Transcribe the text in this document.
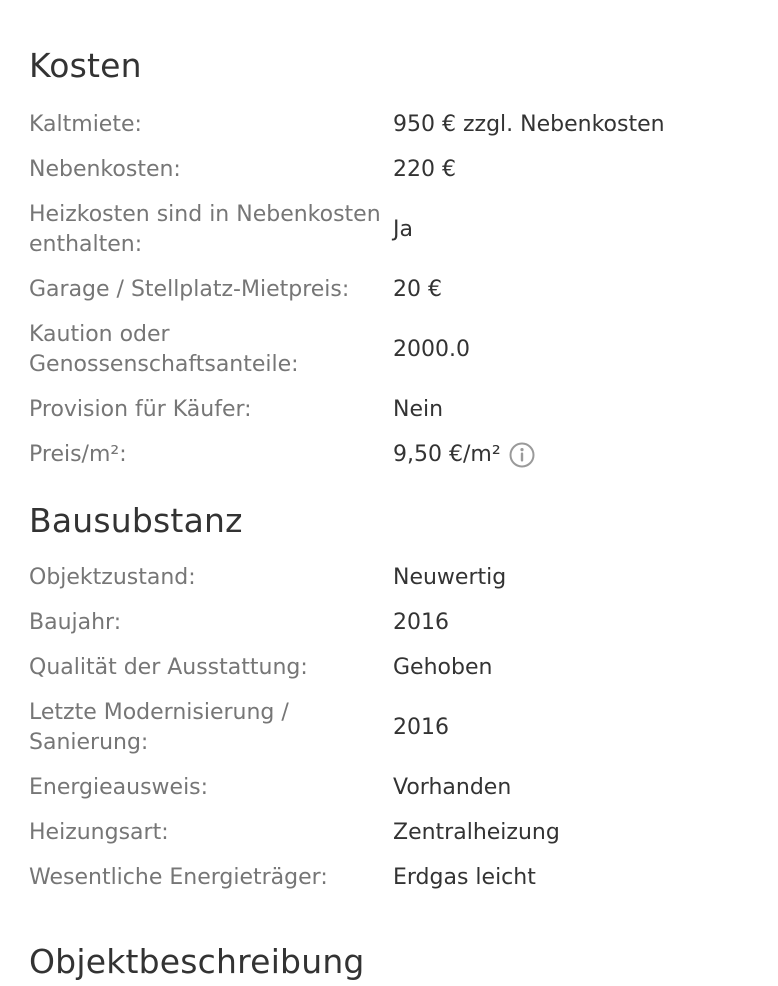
Kosten
Kaltmiete:	950 € zzgl. Nebenkosten
Nebenkosten:	220 €
Heizkosten sind in Nebenkosten enthalten:
Ja
Garage / Stellplatz-Mietpreis:	20 €
Kaution oder Genossenschaftsanteile:
2000.0
Provision für Käufer:	Nein
Preis/m²:	9,50 €/m²
Bausubstanz
Objektzustand:	Neuwertig
Baujahr:	2016
Qualität der Ausstattung:	Gehoben
Letzte Modernisierung / Sanierung:
2016
Energieausweis:	Vorhanden
Heizungsart:	Zentralheizung
Wesentliche Energieträger:	Erdgas leicht
Objektbeschreibung
